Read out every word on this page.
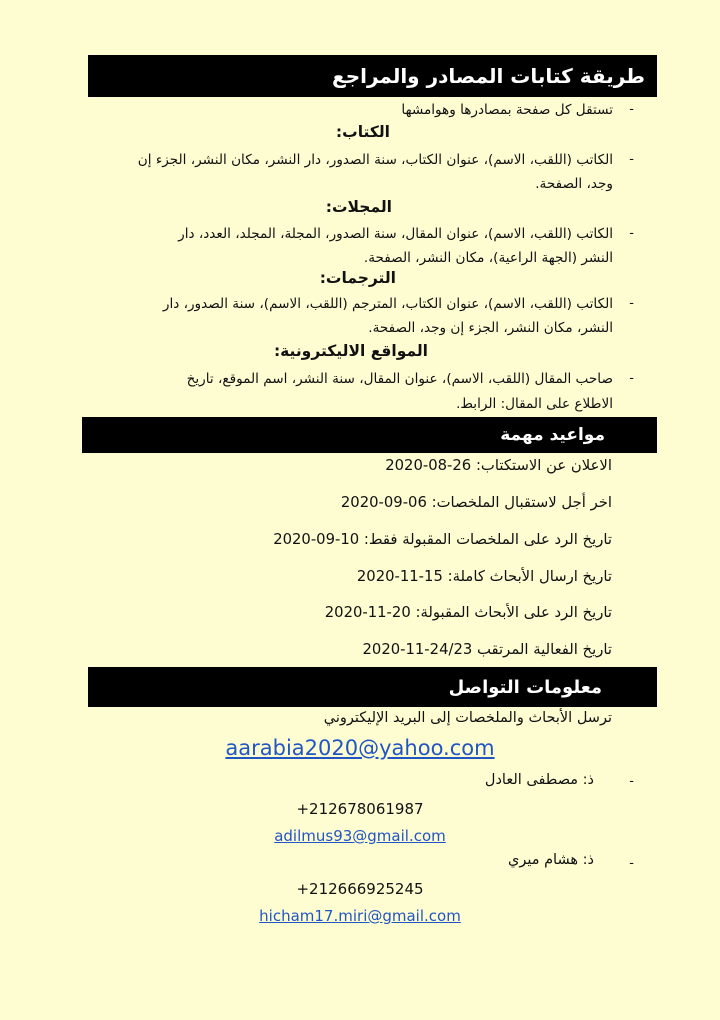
طريقة كتابات المصادر والمراجع
-
تستقل كل صفحة بمصادرها وهوامشها
الكتاب:
-
الكاتب (اللقب، الاسم)، عنوان الكتاب، سنة الصدور، دار النشر، مكان النشر، الجزء إن
وجد، الصفحة.
المجلات:
-
الكاتب (اللقب، الاسم)، عنوان المقال، سنة الصدور، المجلة، المجلد، العدد، دار
النشر (الجهة الراعية)، مكان النشر، الصفحة.
الترجمات:
-
الكاتب (اللقب، الاسم)، عنوان الكتاب، المترجم (اللقب، الاسم)، سنة الصدور، دار
النشر، مكان النشر، الجزء إن وجد، الصفحة.
المواقع الاليكترونية:
-
صاحب المقال (اللقب، الاسم)، عنوان المقال، سنة النشر، اسم الموقع، تاريخ
الاطلاع على المقال: الرابط.
مواعيد مهمة
الاعلان عن الاستكتاب: 2020-08-26
اخر أجل لاستقبال الملخصات: 2020-09-06
تاريخ الرد على الملخصات المقبولة فقط: 2020-09-10
تاريخ ارسال الأبحاث كاملة: 2020-11-15
تاريخ الرد على الأبحاث المقبولة: 2020-11-20
تاريخ الفعالية المرتقب 2020-11-24/23
معلومات التواصل
ترسل الأبحاث والملخصات إلى البريد الإليكتروني
aarabia2020@yahoo.com
-
ذ: مصطفى العادل
+212678061987
adilmus93@gmail.com
-
ذ: هشام ميري
+212666925245
hicham17.miri@gmail.com
